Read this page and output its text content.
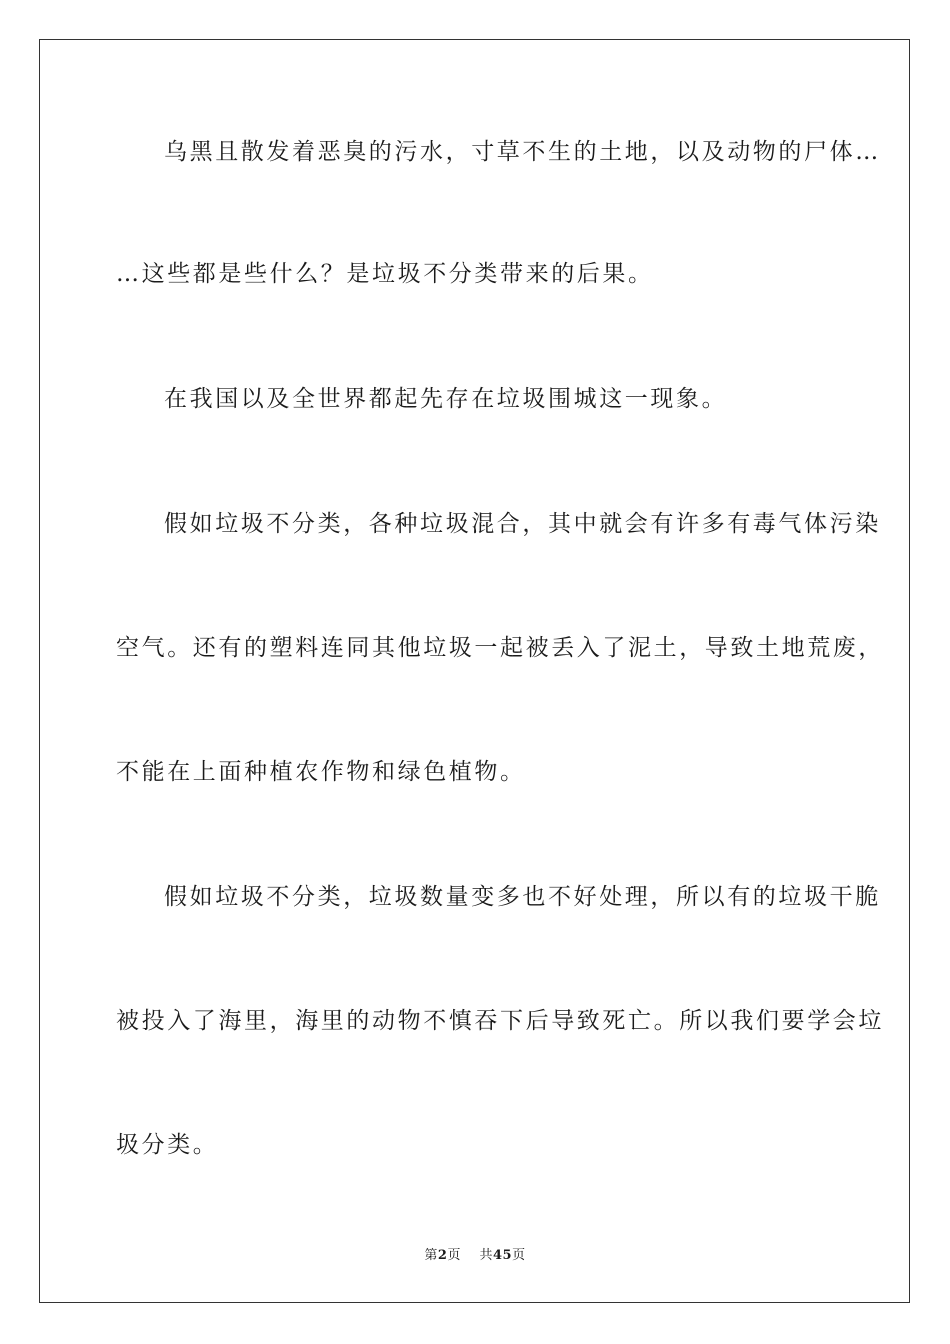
乌黑且散发着恶臭的污水，寸草不生的土地，以及动物的尸体…
…这些都是些什么？是垃圾不分类带来的后果。
在我国以及全世界都起先存在垃圾围城这一现象。
假如垃圾不分类，各种垃圾混合，其中就会有许多有毒气体污染
空气。还有的塑料连同其他垃圾一起被丢入了泥土，导致土地荒废，
不能在上面种植农作物和绿色植物。
假如垃圾不分类，垃圾数量变多也不好处理，所以有的垃圾干脆
被投入了海里，海里的动物不慎吞下后导致死亡。所以我们要学会垃
圾分类。
第2页 共45页
